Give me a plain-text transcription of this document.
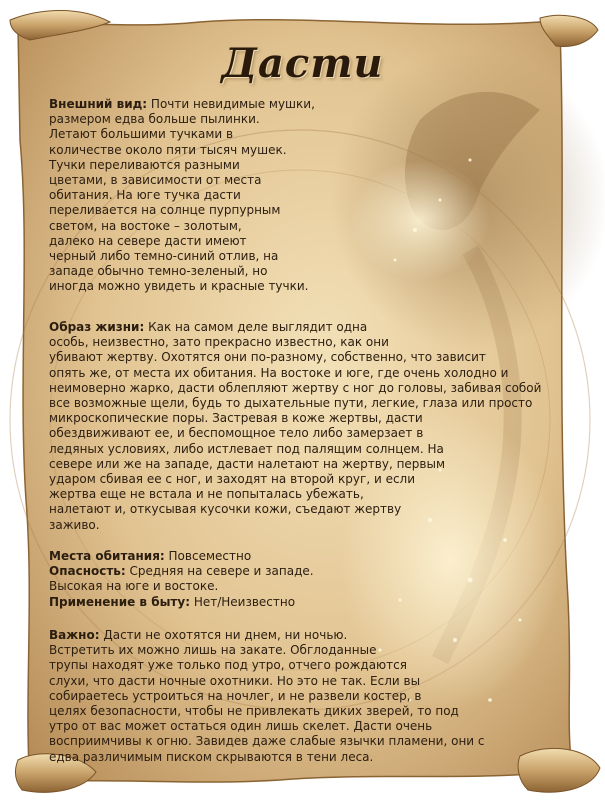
Дасти
Внешний вид: Почти невидимые мушки,
размером едва больше пылинки.
Летают большими тучками в
количестве около пяти тысяч мушек.
Тучки переливаются разными
цветами, в зависимости от места
обитания. На юге тучка дасти
переливается на солнце пурпурным
светом, на востоке – золотым,
далеко на севере дасти имеют
черный либо темно-синий отлив, на
западе обычно темно-зеленый, но
иногда можно увидеть и красные тучки.
Образ жизни: Как на самом деле выглядит одна
особь, неизвестно, зато прекрасно известно, как они
убивают жертву. Охотятся они по-разному, собственно, что зависит
опять же, от места их обитания. На востоке и юге, где очень холодно и
неимоверно жарко, дасти облепляют жертву с ног до головы, забивая собой
все возможные щели, будь то дыхательные пути, легкие, глаза или просто
микроскопические поры. Застревая в коже жертвы, дасти
обездвиживают ее, и беспомощное тело либо замерзает в
ледяных условиях, либо истлевает под палящим солнцем. На
севере или же на западе, дасти налетают на жертву, первым
ударом сбивая ее с ног, и заходят на второй круг, и если
жертва еще не встала и не попыталась убежать,
налетают и, откусывая кусочки кожи, съедают жертву
заживо.
Места обитания: Повсеместно
Опасность: Средняя на севере и западе.
Высокая на юге и востоке.
Применение в быту: Нет/Неизвестно
Важно: Дасти не охотятся ни днем, ни ночью.
Встретить их можно лишь на закате. Обглоданные
трупы находят уже только под утро, отчего рождаются
слухи, что дасти ночные охотники. Но это не так. Если вы
собираетесь устроиться на ночлег, и не развели костер, в
целях безопасности, чтобы не привлекать диких зверей, то под
утро от вас может остаться один лишь скелет. Дасти очень
восприимчивы к огню. Завидев даже слабые язычки пламени, они с
едва различимым писком скрываются в тени леса.
